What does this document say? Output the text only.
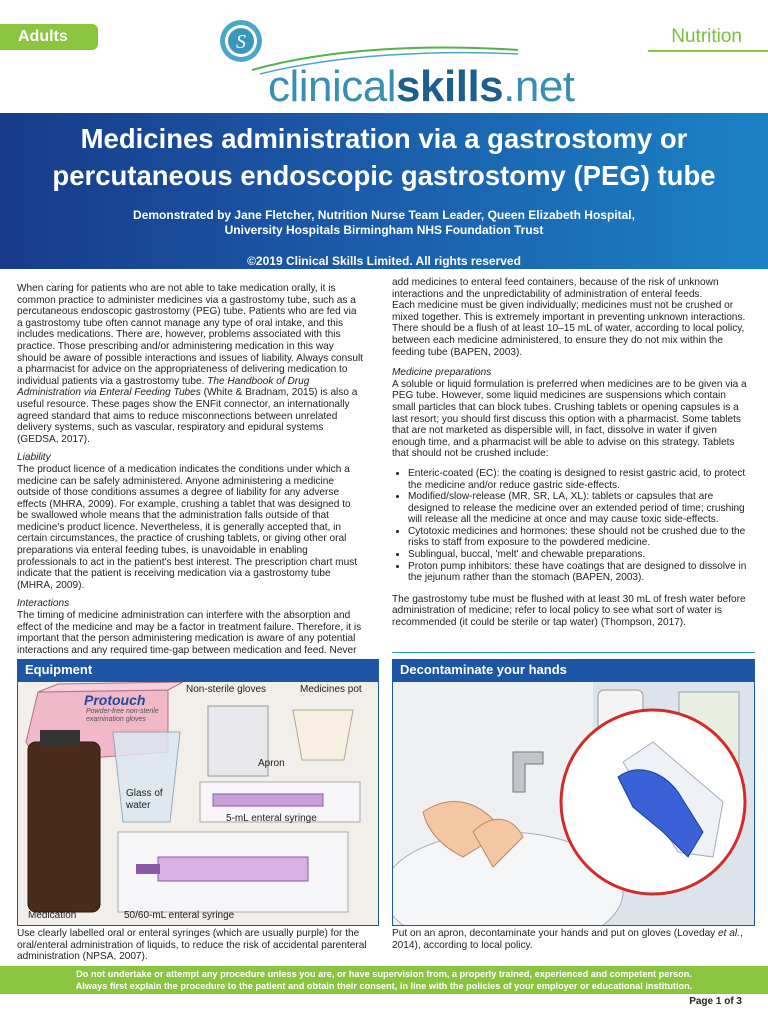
Adults	Nutrition
S
clinicalskills.net
Medicines administration via a gastrostomy or percutaneous endoscopic gastrostomy (PEG) tube
Demonstrated by Jane Fletcher, Nutrition Nurse Team Leader, Queen Elizabeth Hospital,
University Hospitals Birmingham NHS Foundation Trust
©2019 Clinical Skills Limited. All rights reserved

When caring for patients who are not able to take medication orally, it is common practice to administer medicines via a gastrostomy tube, such as a percutaneous endoscopic gastrostomy (PEG) tube. Patients who are fed via a gastrostomy tube often cannot manage any type of oral intake, and this includes medications. There are, however, problems associated with this practice. Those prescribing and/or administering medication in this way should be aware of possible interactions and issues of liability. Always consult a pharmacist for advice on the appropriateness of delivering medication to individual patients via a gastrostomy tube. The Handbook of Drug Administration via Enteral Feeding Tubes (White & Bradnam, 2015) is also a useful resource. These pages show the ENFit connector, an internationally agreed standard that aims to reduce misconnections between unrelated delivery systems, such as vascular, respiratory and epidural systems (GEDSA, 2017).

Liability

The product licence of a medication indicates the conditions under which a medicine can be safely administered. Anyone administering a medicine outside of those conditions assumes a degree of liability for any adverse effects (MHRA, 2009). For example, crushing a tablet that was designed to be swallowed whole means that the administration falls outside of that medicine's product licence. Nevertheless, it is generally accepted that, in certain circumstances, the practice of crushing tablets, or giving other oral preparations via enteral feeding tubes, is unavoidable in enabling professionals to act in the patient's best interest. The prescription chart must indicate that the patient is receiving medication via a gastrostomy tube (MHRA, 2009).

Interactions

The timing of medicine administration can interfere with the absorption and effect of the medicine and may be a factor in treatment failure. Therefore, it is important that the person administering medication is aware of any potential interactions and any required time-gap between medication and feed. Never

add medicines to enteral feed containers, because of the risk of unknown interactions and the unpredictability of administration of enteral feeds.

Each medicine must be given individually; medicines must not be crushed or mixed together. This is extremely important in preventing unknown interactions. There should be a flush of at least 10–15 mL of water, according to local policy, between each medicine administered, to ensure they do not mix within the feeding tube (BAPEN, 2003).

Medicine preparations

A soluble or liquid formulation is preferred when medicines are to be given via a PEG tube. However, some liquid medicines are suspensions which contain small particles that can block tubes. Crushing tablets or opening capsules is a last resort; you should first discuss this option with a pharmacist. Some tablets that are not marketed as dispersible will, in fact, dissolve in water if given enough time, and a pharmacist will be able to advise on this strategy. Tablets that should not be crushed include:

• Enteric-coated (EC): the coating is designed to resist gastric acid, to protect the medicine and/or reduce gastric side-effects.
• Modified/slow-release (MR, SR, LA, XL): tablets or capsules that are designed to release the medicine over an extended period of time; crushing will release all the medicine at once and may cause toxic side-effects.
• Cytotoxic medicines and hormones: these should not be crushed due to the risks to staff from exposure to the powdered medicine.
• Sublingual, buccal, 'melt' and chewable preparations.
• Proton pump inhibitors: these have coatings that are designed to dissolve in the jejunum rather than the stomach (BAPEN, 2003).

The gastrostomy tube must be flushed with at least 30 mL of fresh water before administration of medicine; refer to local policy to see what sort of water is recommended (it could be sterile or tap water) (Thompson, 2017).

Equipment
Protouch
Powder-free non-sterile
examination gloves
Non-sterile gloves	Medicines pot
Apron
Glass of water
5-mL enteral syringe
Medication	50/60-mL enteral syringe
Use clearly labelled oral or enteral syringes (which are usually purple) for the oral/enteral administration of liquids, to reduce the risk of accidental parenteral administration (NPSA, 2007).
Decontaminate your hands
Put on an apron, decontaminate your hands and put on gloves (Loveday et al., 2014), according to local policy.
Do not undertake or attempt any procedure unless you are, or have supervision from, a properly trained, experienced and competent person.
Always first explain the procedure to the patient and obtain their consent, in line with the policies of your employer or educational institution.
Page 1 of 3
